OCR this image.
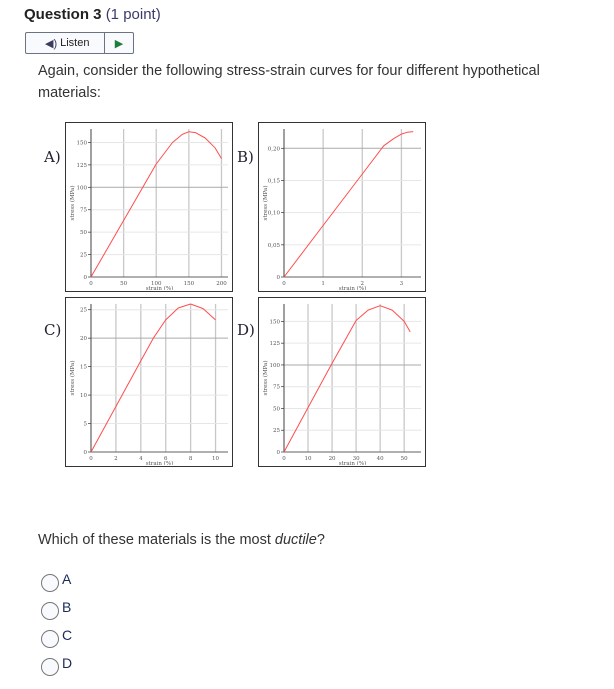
Question 3 (1 point)
◀) Listen ▶
Again, consider the following stress-strain curves for four different hypothetical materials:
A)	B)
C)	D)
0	50	100	150	200
0
25
50
75
100
125
150
strain (%)
stress (MPa)
0	1	2	3
0
0,05
0,10
0,15
0,20
strain (%)
stress (MPa)
0	2	4	6	8	10
0
5
10
15
20
25
strain (%)
stress (MPa)
0	10	20	30	40	50
0
25
50
75
100
125
150
strain (%)
stress (MPa)
Which of these materials is the most ductile?
A
B
C
D
